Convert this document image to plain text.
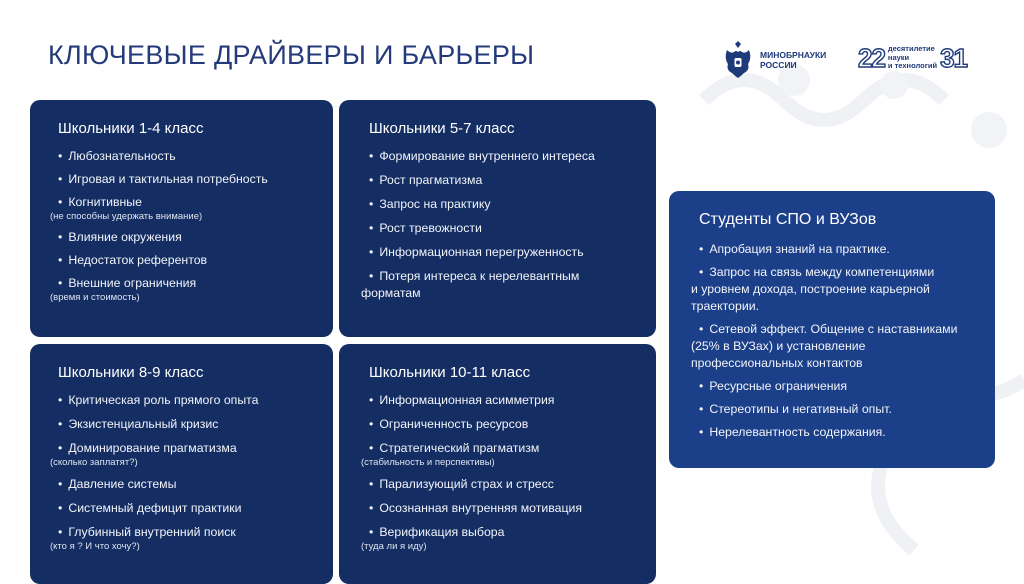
КЛЮЧЕВЫЕ ДРАЙВЕРЫ И БАРЬЕРЫ	МИНОБРНАУКИ
РОССИИ	22 десятилетие
науки
и технологий 31
Школьники 1-4 класс
• Любознательность
• Игровая и тактильная потребность
• Когнитивные
(не способны удержать внимание)
• Влияние окружения
• Недостаток референтов
• Внешние ограничения
(время и стоимость)
Школьники 5-7 класс
• Формирование внутреннего интереса
• Рост прагматизма
• Запрос на практику
• Рост тревожности
• Информационная перегруженность
• Потеря интереса к нерелевантным
форматам
Школьники 8-9 класс
• Критическая роль прямого опыта
• Экзистенциальный кризис
• Доминирование прагматизма
(сколько заплатят?)
• Давление системы
• Системный дефицит практики
• Глубинный внутренний поиск
(кто я ? И что хочу?)
Школьники 10-11 класс
• Информационная асимметрия
• Ограниченность ресурсов
• Стратегический прагматизм
(стабильность и перспективы)
• Парализующий страх и стресс
• Осознанная внутренняя мотивация
• Верификация выбора
(туда ли я иду)
Студенты СПО и ВУЗов
• Апробация знаний на практике.
• Запрос на связь между компетенциями
и уровнем дохода, построение карьерной траектории.
• Сетевой эффект. Общение с наставниками
(25% в ВУЗах) и установление профессиональных контактов
• Ресурсные ограничения
• Стереотипы и негативный опыт.
• Нерелевантность содержания.
